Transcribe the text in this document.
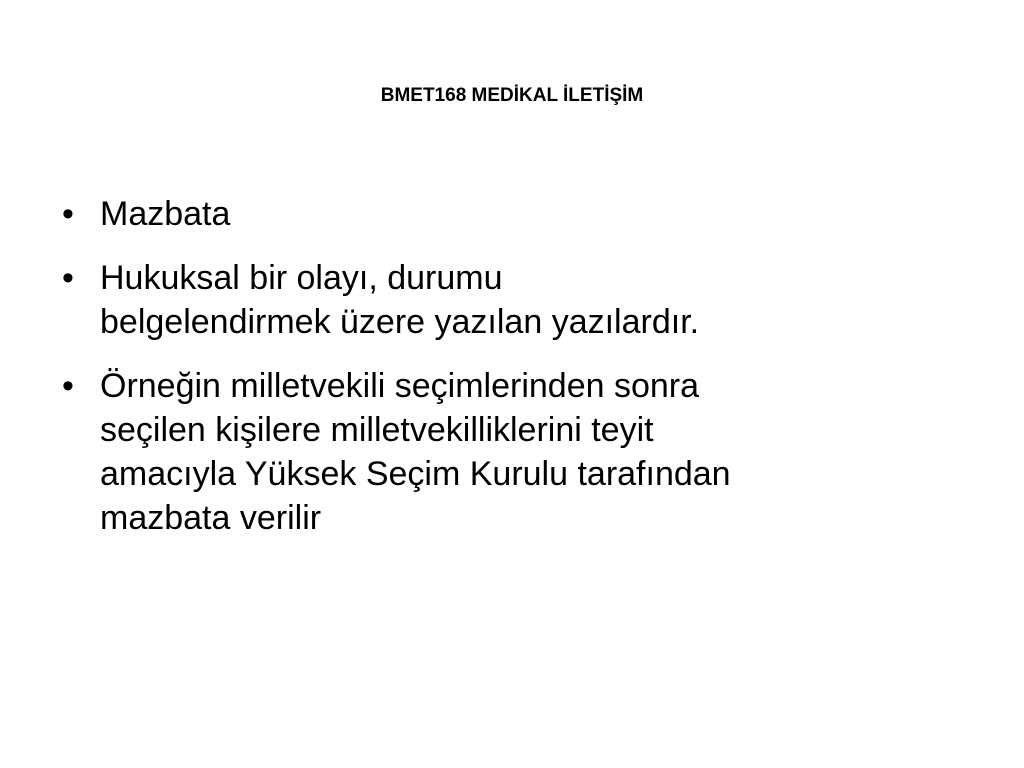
BMET168 MEDİKAL İLETİŞİM
• Mazbata
• Hukuksal bir olayı, durumu
belgelendirmek üzere yazılan yazılardır.
• Örneğin milletvekili seçimlerinden sonra
seçilen kişilere milletvekilliklerini teyit
amacıyla Yüksek Seçim Kurulu tarafından
mazbata verilir
